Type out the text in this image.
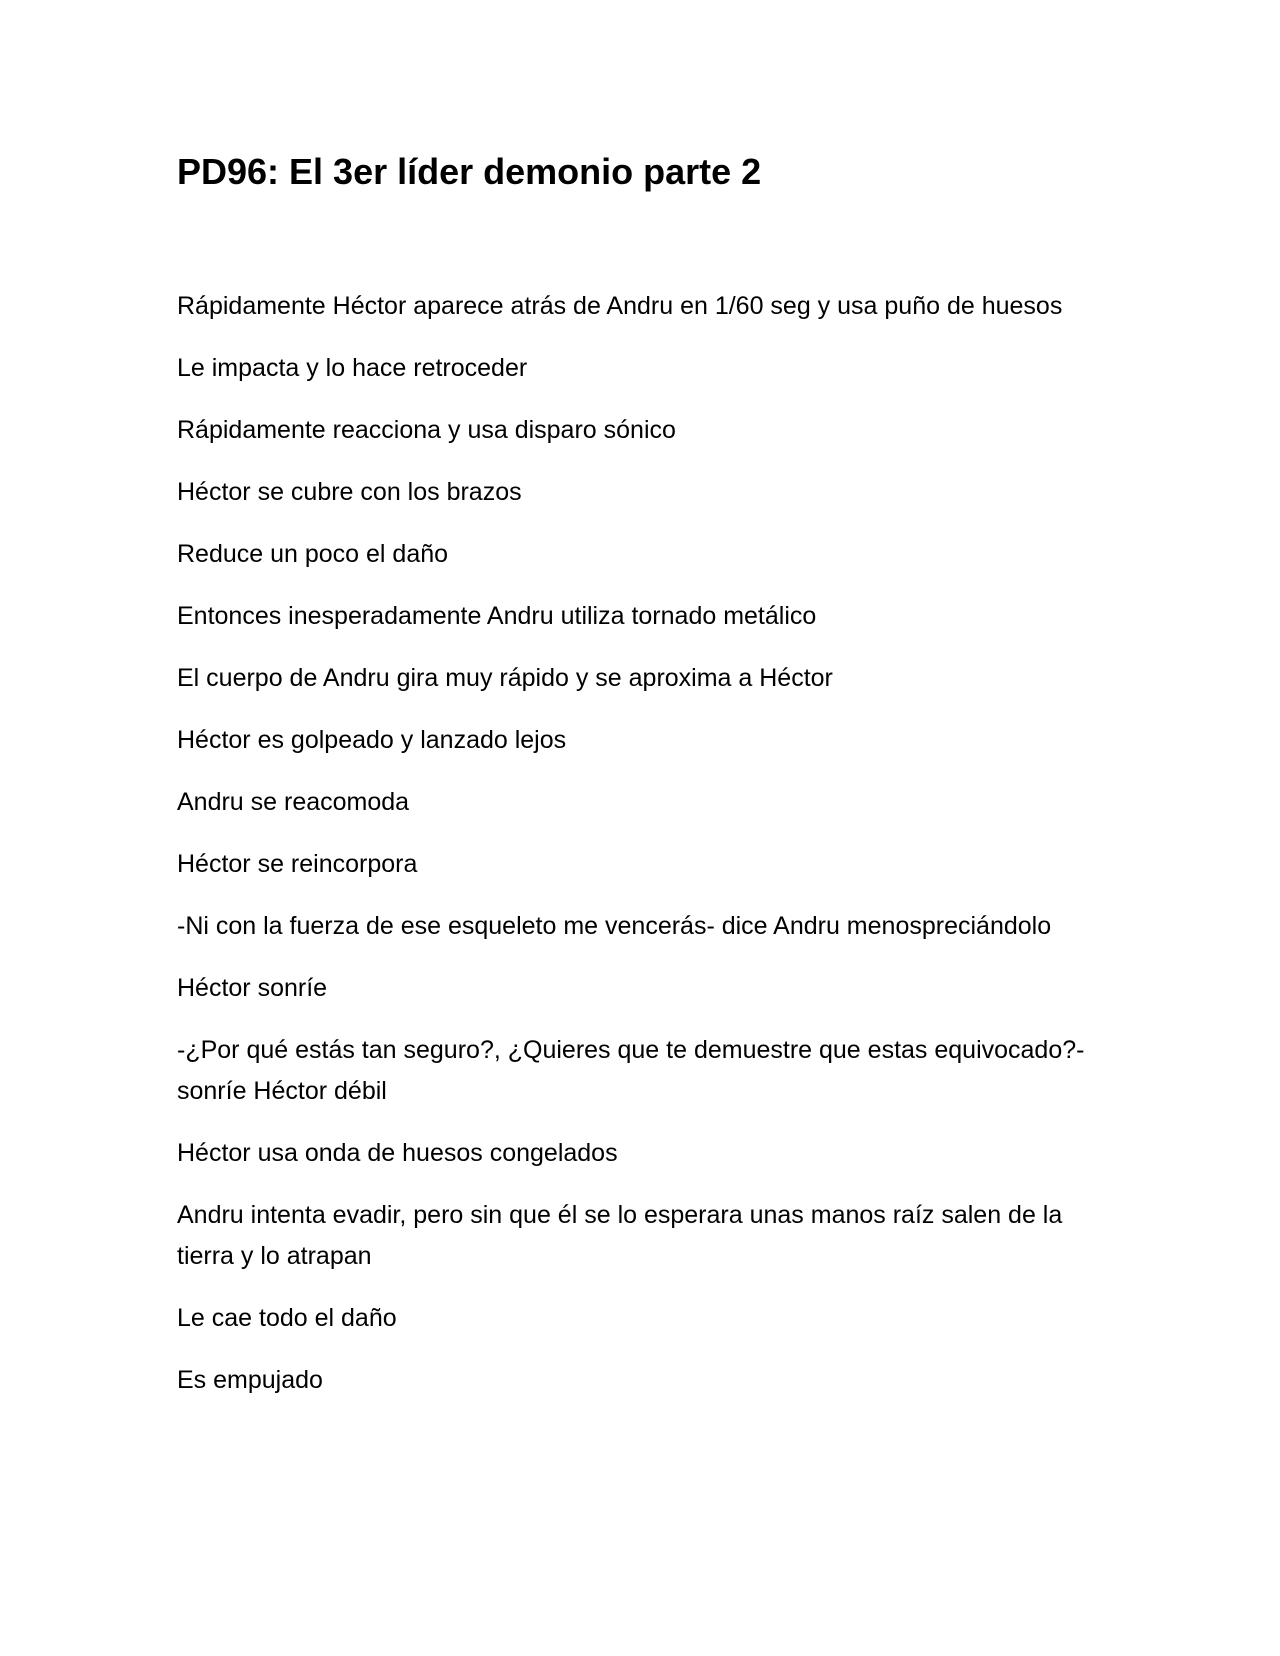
PD96: El 3er líder demonio parte 2

Rápidamente Héctor aparece atrás de Andru en 1/60 seg y usa puño de huesos

Le impacta y lo hace retroceder

Rápidamente reacciona y usa disparo sónico

Héctor se cubre con los brazos

Reduce un poco el daño

Entonces inesperadamente Andru utiliza tornado metálico

El cuerpo de Andru gira muy rápido y se aproxima a Héctor

Héctor es golpeado y lanzado lejos

Andru se reacomoda

Héctor se reincorpora

-Ni con la fuerza de ese esqueleto me vencerás- dice Andru menospreciándolo

Héctor sonríe

-¿Por qué estás tan seguro?, ¿Quieres que te demuestre que estas equivocado?- sonríe Héctor débil

Héctor usa onda de huesos congelados

Andru intenta evadir, pero sin que él se lo esperara unas manos raíz salen de la tierra y lo atrapan

Le cae todo el daño

Es empujado
